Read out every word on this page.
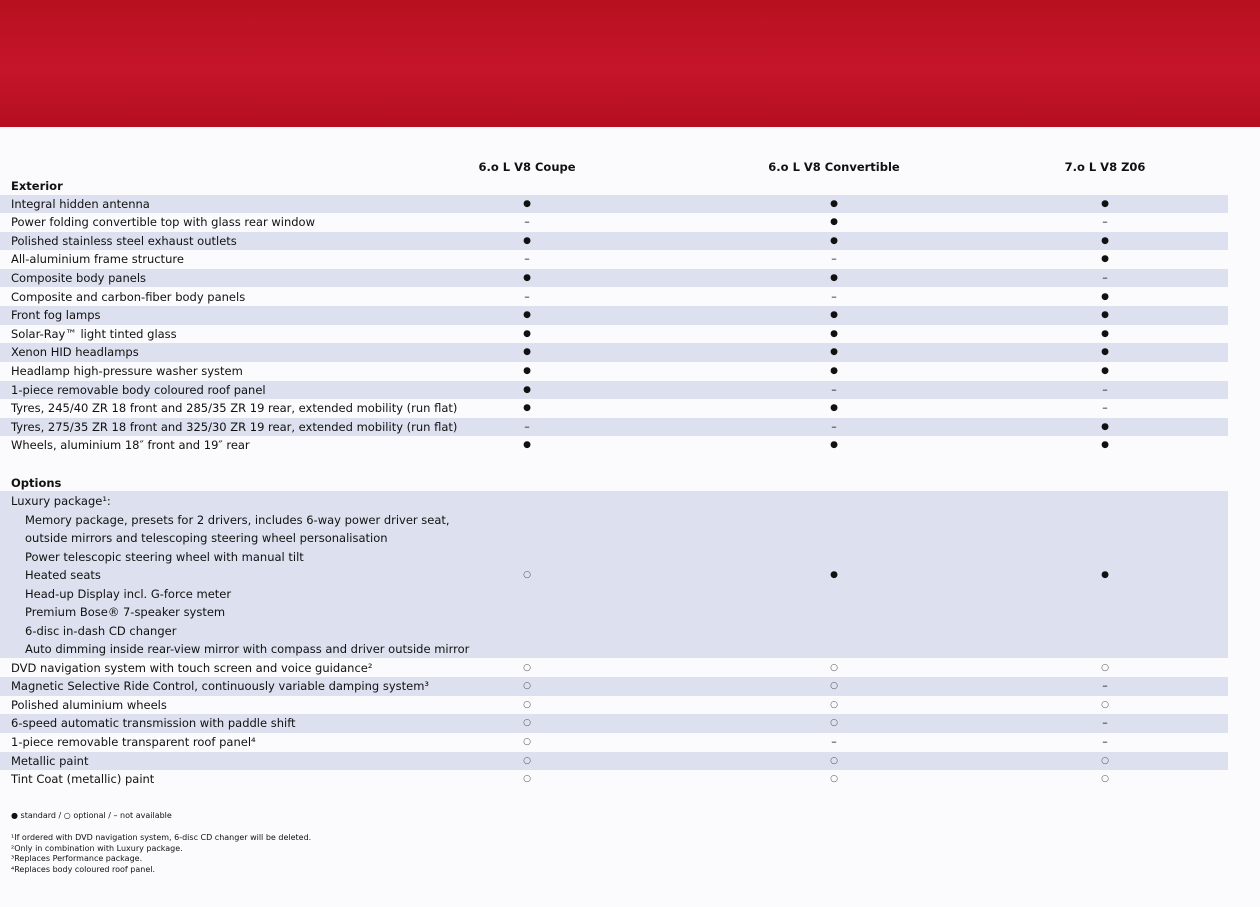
6.o L V8 Coupe	6.o L V8 Convertible	7.o L V8 Z06
Exterior
Integral hidden antenna	●	●	●
Power folding convertible top with glass rear window	–	●	–
Polished stainless steel exhaust outlets	●	●	●
All-aluminium frame structure	–	–	●
Composite body panels	●	●	–
Composite and carbon-fiber body panels	–	–	●
Front fog lamps	●	●	●
Solar-Ray™ light tinted glass	●	●	●
Xenon HID headlamps	●	●	●
Headlamp high-pressure washer system	●	●	●
1-piece removable body coloured roof panel	●	–	–
Tyres, 245/40 ZR 18 front and 285/35 ZR 19 rear, extended mobility (run flat)	●	●	–
Tyres, 275/35 ZR 18 front and 325/30 ZR 19 rear, extended mobility (run flat)	–	–	●
Wheels, aluminium 18″ front and 19″ rear	●	●	●
Options
Luxury package¹:
Memory package, presets for 2 drivers, includes 6-way power driver seat,
outside mirrors and telescoping steering wheel personalisation
Power telescopic steering wheel with manual tilt
Heated seats
Head-up Display incl. G-force meter
Premium Bose® 7-speaker system
6-disc in-dash CD changer
Auto dimming inside rear-view mirror with compass and driver outside mirror
○	●	●
DVD navigation system with touch screen and voice guidance²	○	○	○
Magnetic Selective Ride Control, continuously variable damping system³	○	○	–
Polished aluminium wheels	○	○	○
6-speed automatic transmission with paddle shift	○	○	–
1-piece removable transparent roof panel⁴	○	–	–
Metallic paint	○	○	○
Tint Coat (metallic) paint	○	○	○
● standard / ○ optional / – not available
¹If ordered with DVD navigation system, 6-disc CD changer will be deleted.
²Only in combination with Luxury package.
³Replaces Performance package.
⁴Replaces body coloured roof panel.
